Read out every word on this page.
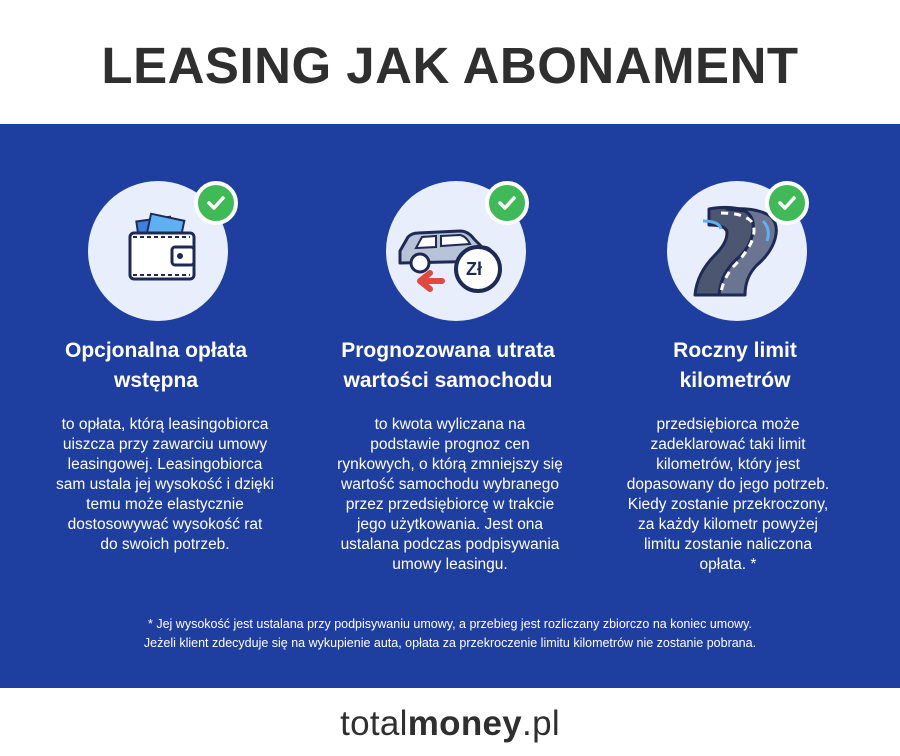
LEASING JAK ABONAMENT
Opcjonalna opłata
wstępna
to opłata, którą leasingobiorca
uiszcza przy zawarciu umowy
leasingowej. Leasingobiorca
sam ustala jej wysokość i dzięki
temu może elastycznie
dostosowywać wysokość rat
do swoich potrzeb.
Zł
Prognozowana utrata
wartości samochodu
to kwota wyliczana na
podstawie prognoz cen
rynkowych, o którą zmniejszy się
wartość samochodu wybranego
przez przedsiębiorcę w trakcie
jego użytkowania. Jest ona
ustalana podczas podpisywania
umowy leasingu.
Roczny limit
kilometrów
przedsiębiorca może
zadeklarować taki limit
kilometrów, który jest
dopasowany do jego potrzeb.
Kiedy zostanie przekroczony,
za każdy kilometr powyżej
limitu zostanie naliczona
opłata. *
* Jej wysokość jest ustalana przy podpisywaniu umowy, a przebieg jest rozliczany zbiorczo na koniec umowy.
Jeżeli klient zdecyduje się na wykupienie auta, opłata za przekroczenie limitu kilometrów nie zostanie pobrana.
totalmoney.pl
